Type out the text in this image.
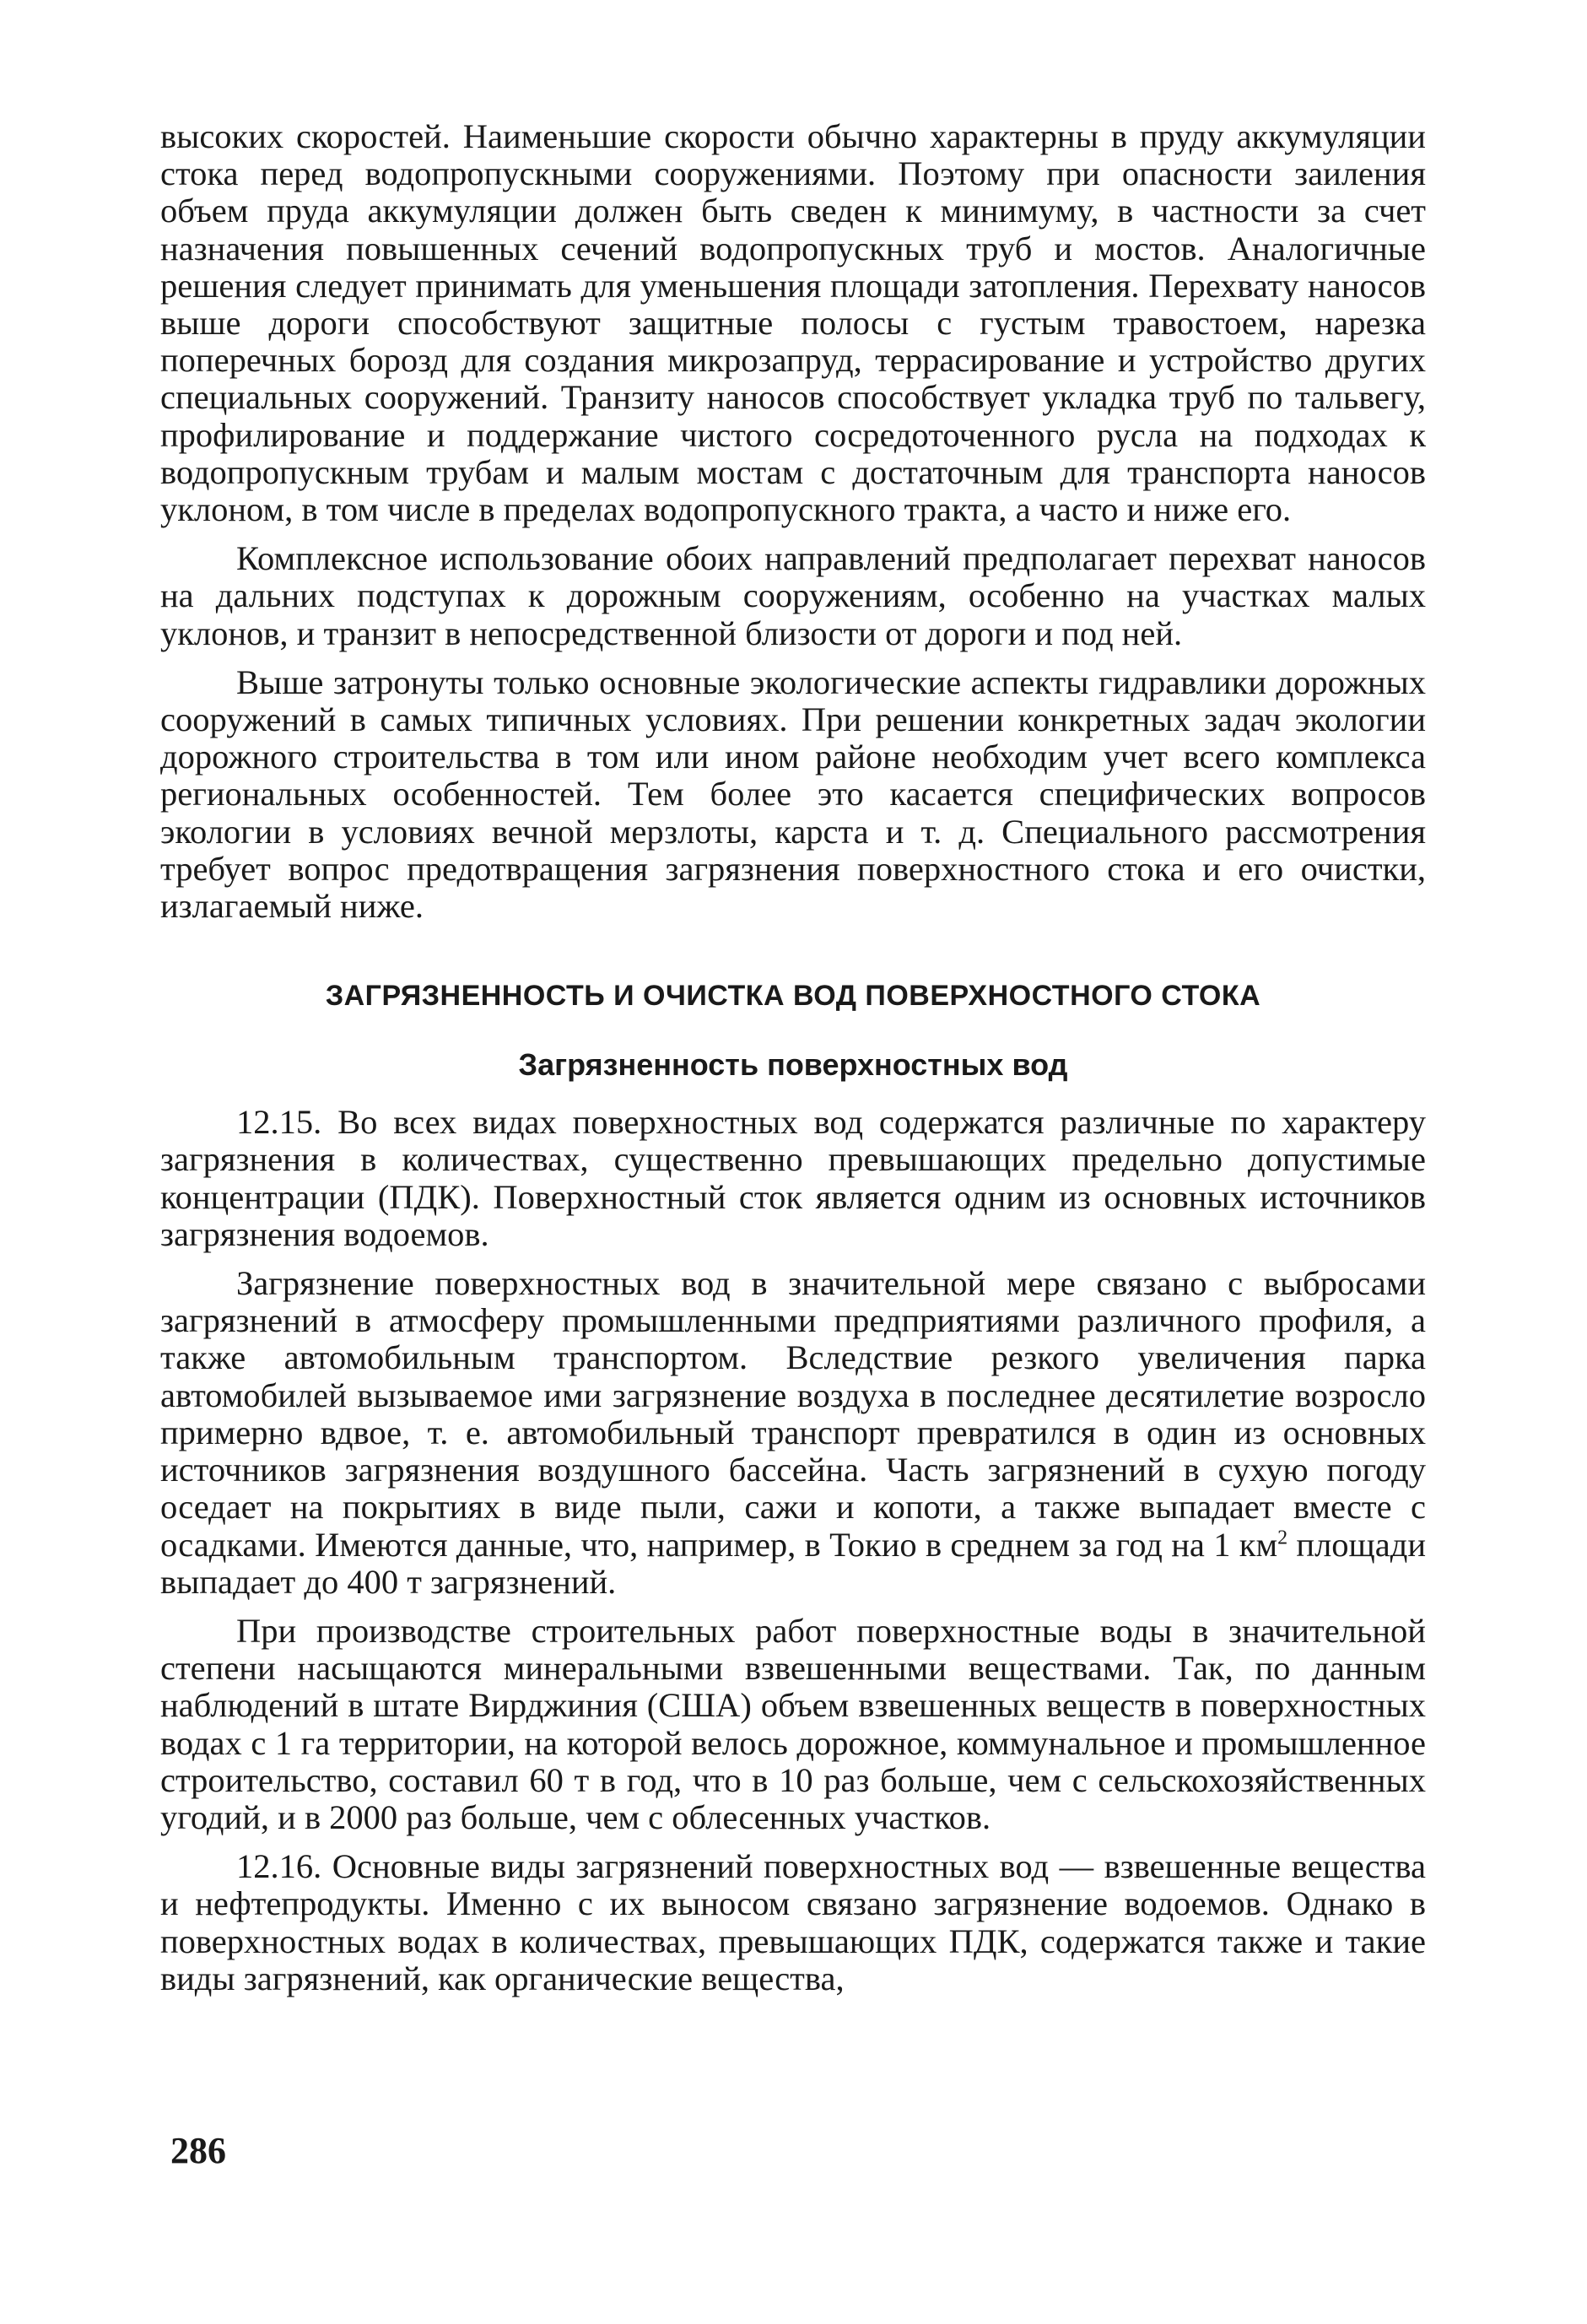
высоких скоростей. Наименьшие скорости обычно характерны в пруду аккумуляции стока перед водопропускными сооружениями. Поэтому при опасности заиления объем пруда аккумуляции должен быть сведен к минимуму, в частности за счет назначения повышенных сечений водопропускных труб и мостов. Аналогичные решения следует принимать для уменьшения площади затопления. Перехвату наносов выше дороги способствуют защитные полосы с густым травостоем, нарезка поперечных борозд для создания микрозапруд, террасирование и устройство других специальных сооружений. Транзиту наносов способствует укладка труб по тальвегу, профилирование и поддержание чистого сосредоточенного русла на подходах к водопропускным трубам и малым мостам с достаточным для транспорта наносов уклоном, в том числе в пределах водопропускного тракта, а часто и ниже его.

Комплексное использование обоих направлений предполагает перехват наносов на дальних подступах к дорожным сооружениям, особенно на участках малых уклонов, и транзит в непосредственной близости от дороги и под ней.

Выше затронуты только основные экологические аспекты гидравлики дорожных сооружений в самых типичных условиях. При решении конкретных задач экологии дорожного строительства в том или ином районе необходим учет всего комплекса региональных особенностей. Тем более это касается специфических вопросов экологии в условиях вечной мерзлоты, карста и т. д. Специального рассмотрения требует вопрос предотвращения загрязнения поверхностного стока и его очистки, излагаемый ниже.

ЗАГРЯЗНЕННОСТЬ И ОЧИСТКА ВОД ПОВЕРХНОСТНОГО СТОКА
Загрязненность поверхностных вод

12.15. Во всех видах поверхностных вод содержатся различные по характеру загрязнения в количествах, существенно превышающих предельно допустимые концентрации (ПДК). Поверхностный сток является одним из основных источников загрязнения водоемов.

Загрязнение поверхностных вод в значительной мере связано с выбросами загрязнений в атмосферу промышленными предприятиями различного профиля, а также автомобильным транспортом. Вследствие резкого увеличения парка автомобилей вызываемое ими загрязнение воздуха в последнее десятилетие возросло примерно вдвое, т. е. автомобильный транспорт превратился в один из основных источников загрязнения воздушного бассейна. Часть загрязнений в сухую погоду оседает на покрытиях в виде пыли, сажи и копоти, а также выпадает вместе с осадками. Имеются данные, что, например, в Токио в среднем за год на 1 $км^2$ площади выпадает до 400 т загрязнений.

При производстве строительных работ поверхностные воды в значительной степени насыщаются минеральными взвешенными веществами. Так, по данным наблюдений в штате Вирджиния (США) объем взвешенных веществ в поверхностных водах с 1 га территории, на которой велось дорожное, коммунальное и промышленное строительство, составил 60 т в год, что в 10 раз больше, чем с сельскохозяйственных угодий, и в 2000 раз больше, чем с облесенных участков.

12.16. Основные виды загрязнений поверхностных вод — взвешенные вещества и нефтепродукты. Именно с их выносом связано загрязнение водоемов. Однако в поверхностных водах в количествах, превышающих ПДК, содержатся также и такие виды загрязнений, как органические вещества,

286
